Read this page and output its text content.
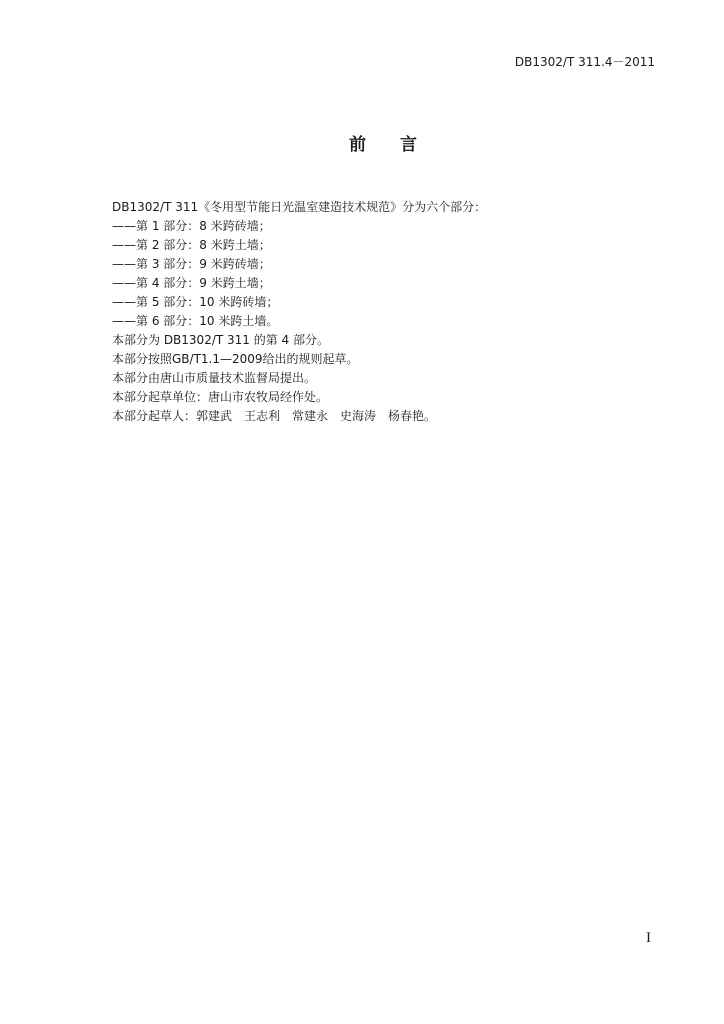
DB1302/T 311.4－2011
前　　言
DB1302/T 311《冬用型节能日光温室建造技术规范》分为六个部分：
——第 1 部分：8 米跨砖墙；
——第 2 部分：8 米跨土墙；
——第 3 部分：9 米跨砖墙；
——第 4 部分：9 米跨土墙；
——第 5 部分：10 米跨砖墙；
——第 6 部分：10 米跨土墙。
本部分为 DB1302/T 311 的第 4 部分。
本部分按照GB/T1.1—2009给出的规则起草。
本部分由唐山市质量技术监督局提出。
本部分起草单位：唐山市农牧局经作处。
本部分起草人：郭建武　王志利　常建永　史海涛　杨春艳。
I
